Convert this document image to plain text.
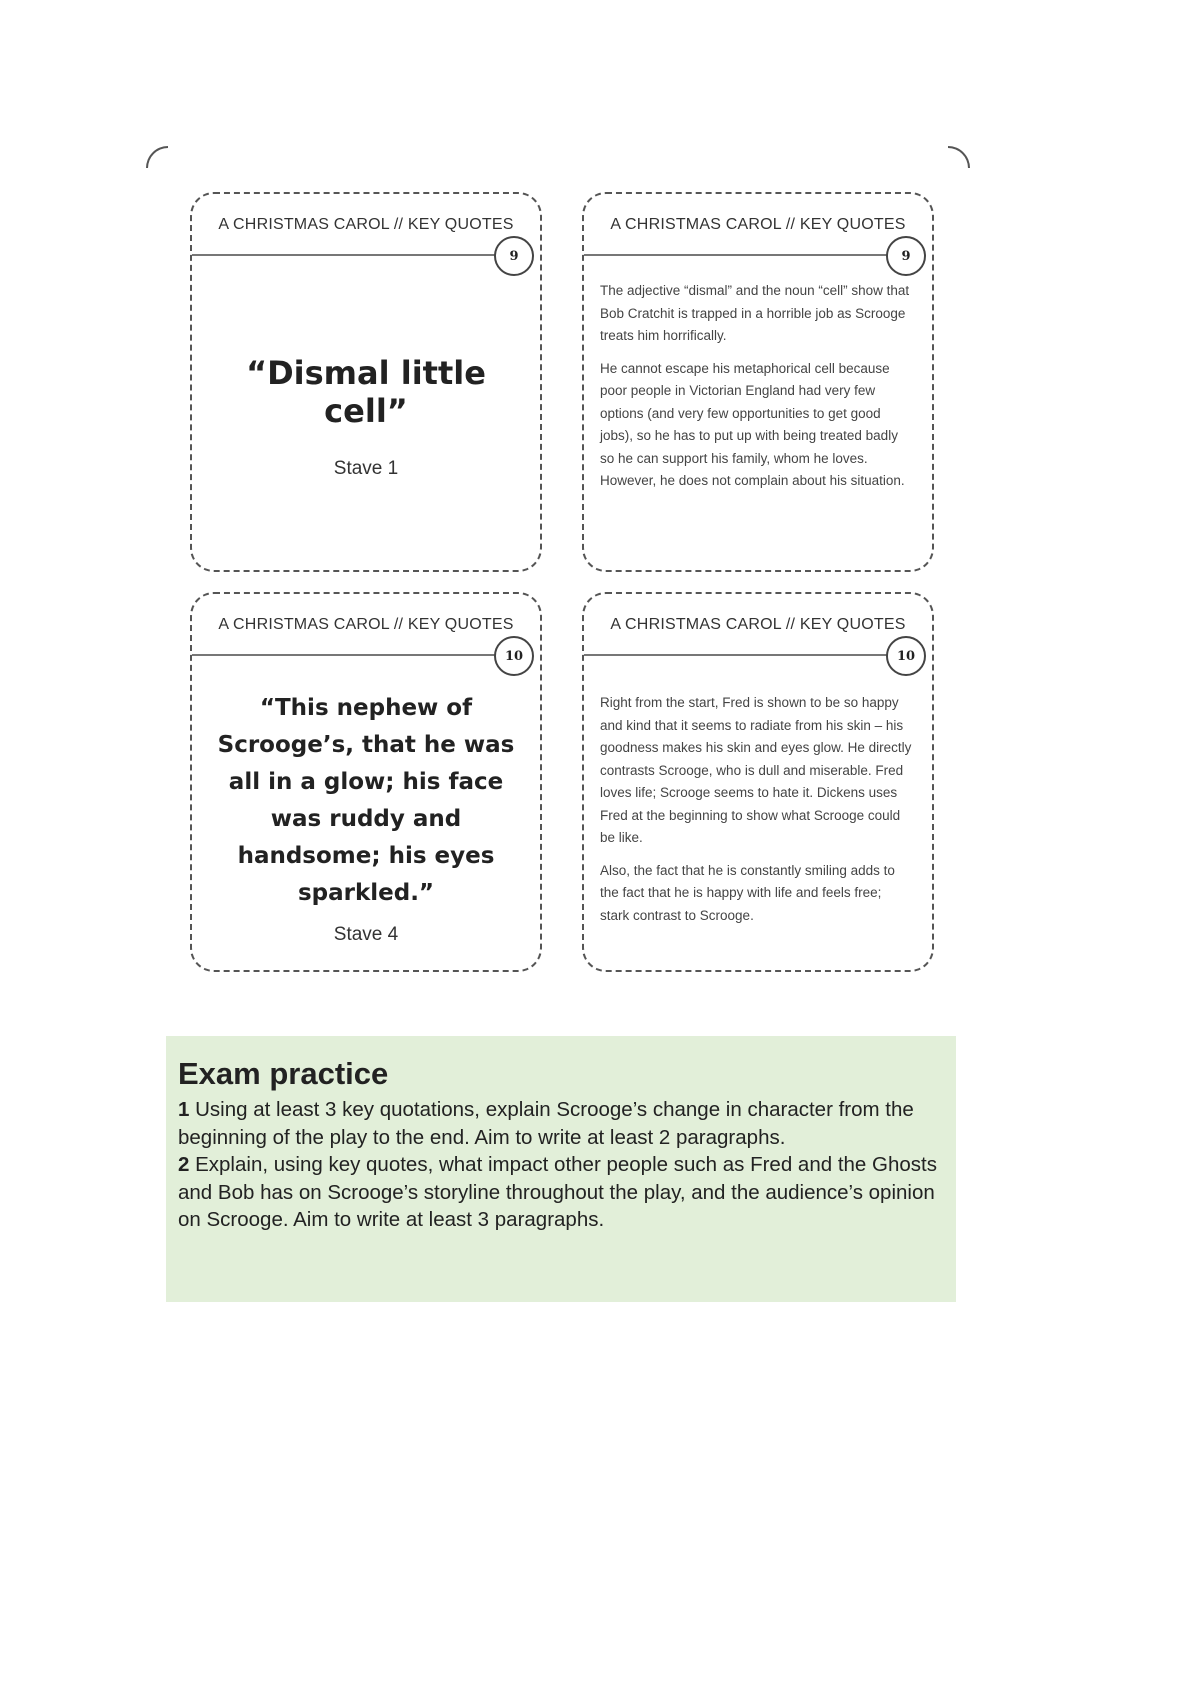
A CHRISTMAS CAROL // KEY QUOTES
9
“Dismal little cell”
Stave 1
A CHRISTMAS CAROL // KEY QUOTES
9

The adjective “dismal” and the noun “cell” show that Bob Cratchit is trapped in a horrible job as Scrooge treats him horrifically.

He cannot escape his metaphorical cell because poor people in Victorian England had very few options (and very few opportunities to get good jobs), so he has to put up with being treated badly so he can support his family, whom he loves. However, he does not complain about his situation.

A CHRISTMAS CAROL // KEY QUOTES
10
“This nephew of Scrooge’s, that he was all in a glow; his face was ruddy and handsome; his eyes sparkled.”
Stave 4
A CHRISTMAS CAROL // KEY QUOTES
10

Right from the start, Fred is shown to be so happy and kind that it seems to radiate from his skin – his goodness makes his skin and eyes glow. He directly contrasts Scrooge, who is dull and miserable. Fred loves life; Scrooge seems to hate it. Dickens uses Fred at the beginning to show what Scrooge could be like.

Also, the fact that he is constantly smiling adds to the fact that he is happy with life and feels free; stark contrast to Scrooge.

Exam practice

1 Using at least 3 key quotations, explain Scrooge’s change in character from the beginning of the play to the end. Aim to write at least 2 paragraphs.

2 Explain, using key quotes, what impact other people such as Fred and the Ghosts and Bob has on Scrooge’s storyline throughout the play, and the audience’s opinion on Scrooge. Aim to write at least 3 paragraphs.
